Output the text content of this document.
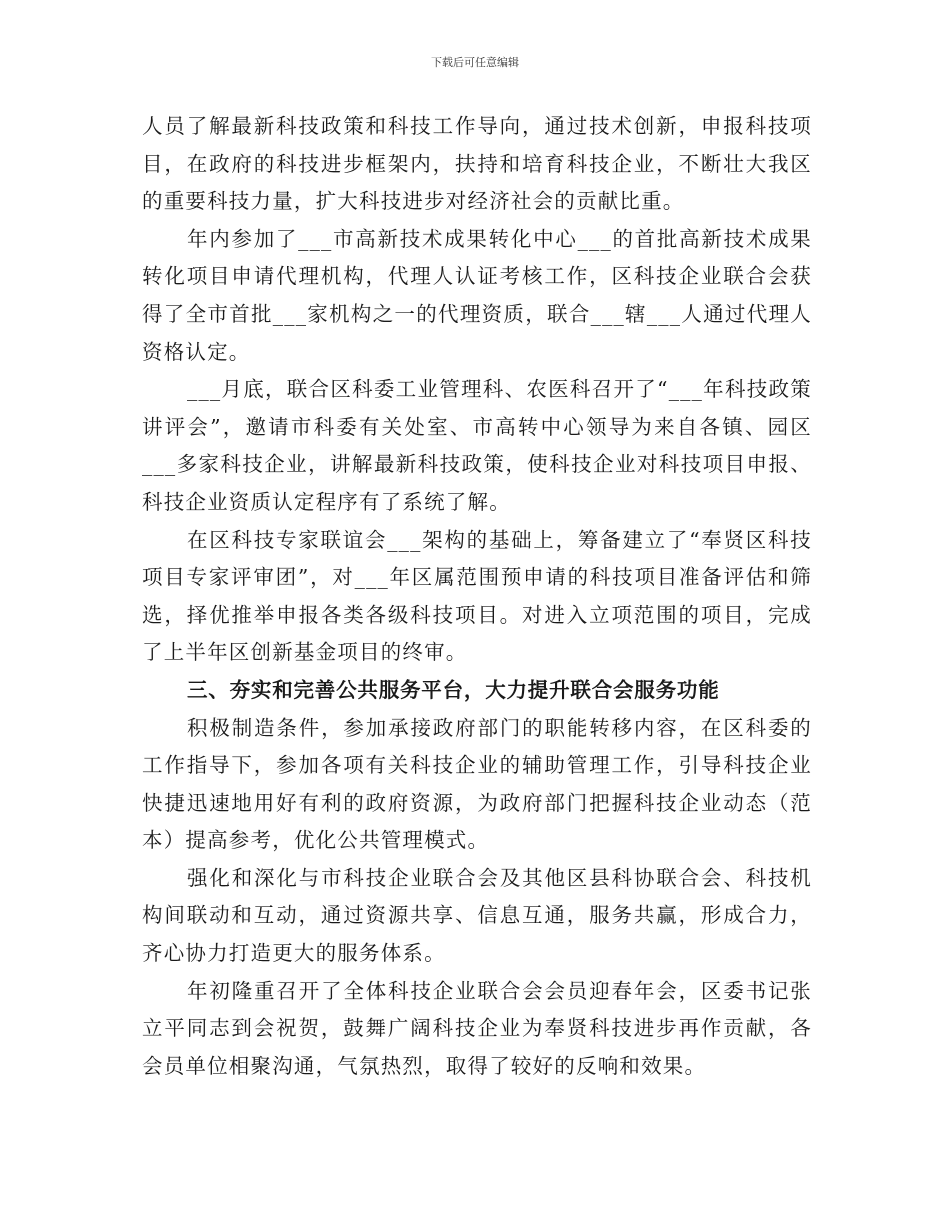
下载后可任意编辑

人员了解最新科技政策和科技工作导向，通过技术创新，申报科技项目，在政府的科技进步框架内，扶持和培育科技企业，不断壮大我区的重要科技力量，扩大科技进步对经济社会的贡献比重。

年内参加了___市高新技术成果转化中心___的首批高新技术成果转化项目申请代理机构，代理人认证考核工作，区科技企业联合会获得了全市首批___家机构之一的代理资质，联合___辖___人通过代理人资格认定。

___月底，联合区科委工业管理科、农医科召开了“___年科技政策讲评会”，邀请市科委有关处室、市高转中心领导为来自各镇、园区___多家科技企业，讲解最新科技政策，使科技企业对科技项目申报、科技企业资质认定程序有了系统了解。

在区科技专家联谊会___架构的基础上，筹备建立了“奉贤区科技项目专家评审团”，对___年区属范围预申请的科技项目准备评估和筛选，择优推举申报各类各级科技项目。对进入立项范围的项目，完成了上半年区创新基金项目的终审。

三、夯实和完善公共服务平台，大力提升联合会服务功能

积极制造条件，参加承接政府部门的职能转移内容，在区科委的工作指导下，参加各项有关科技企业的辅助管理工作，引导科技企业快捷迅速地用好有利的政府资源，为政府部门把握科技企业动态（范本）提高参考，优化公共管理模式。

强化和深化与市科技企业联合会及其他区县科协联合会、科技机构间联动和互动，通过资源共享、信息互通，服务共赢，形成合力，齐心协力打造更大的服务体系。

年初隆重召开了全体科技企业联合会会员迎春年会，区委书记张立平同志到会祝贺，鼓舞广阔科技企业为奉贤科技进步再作贡献，各会员单位相聚沟通，气氛热烈，取得了较好的反响和效果。
